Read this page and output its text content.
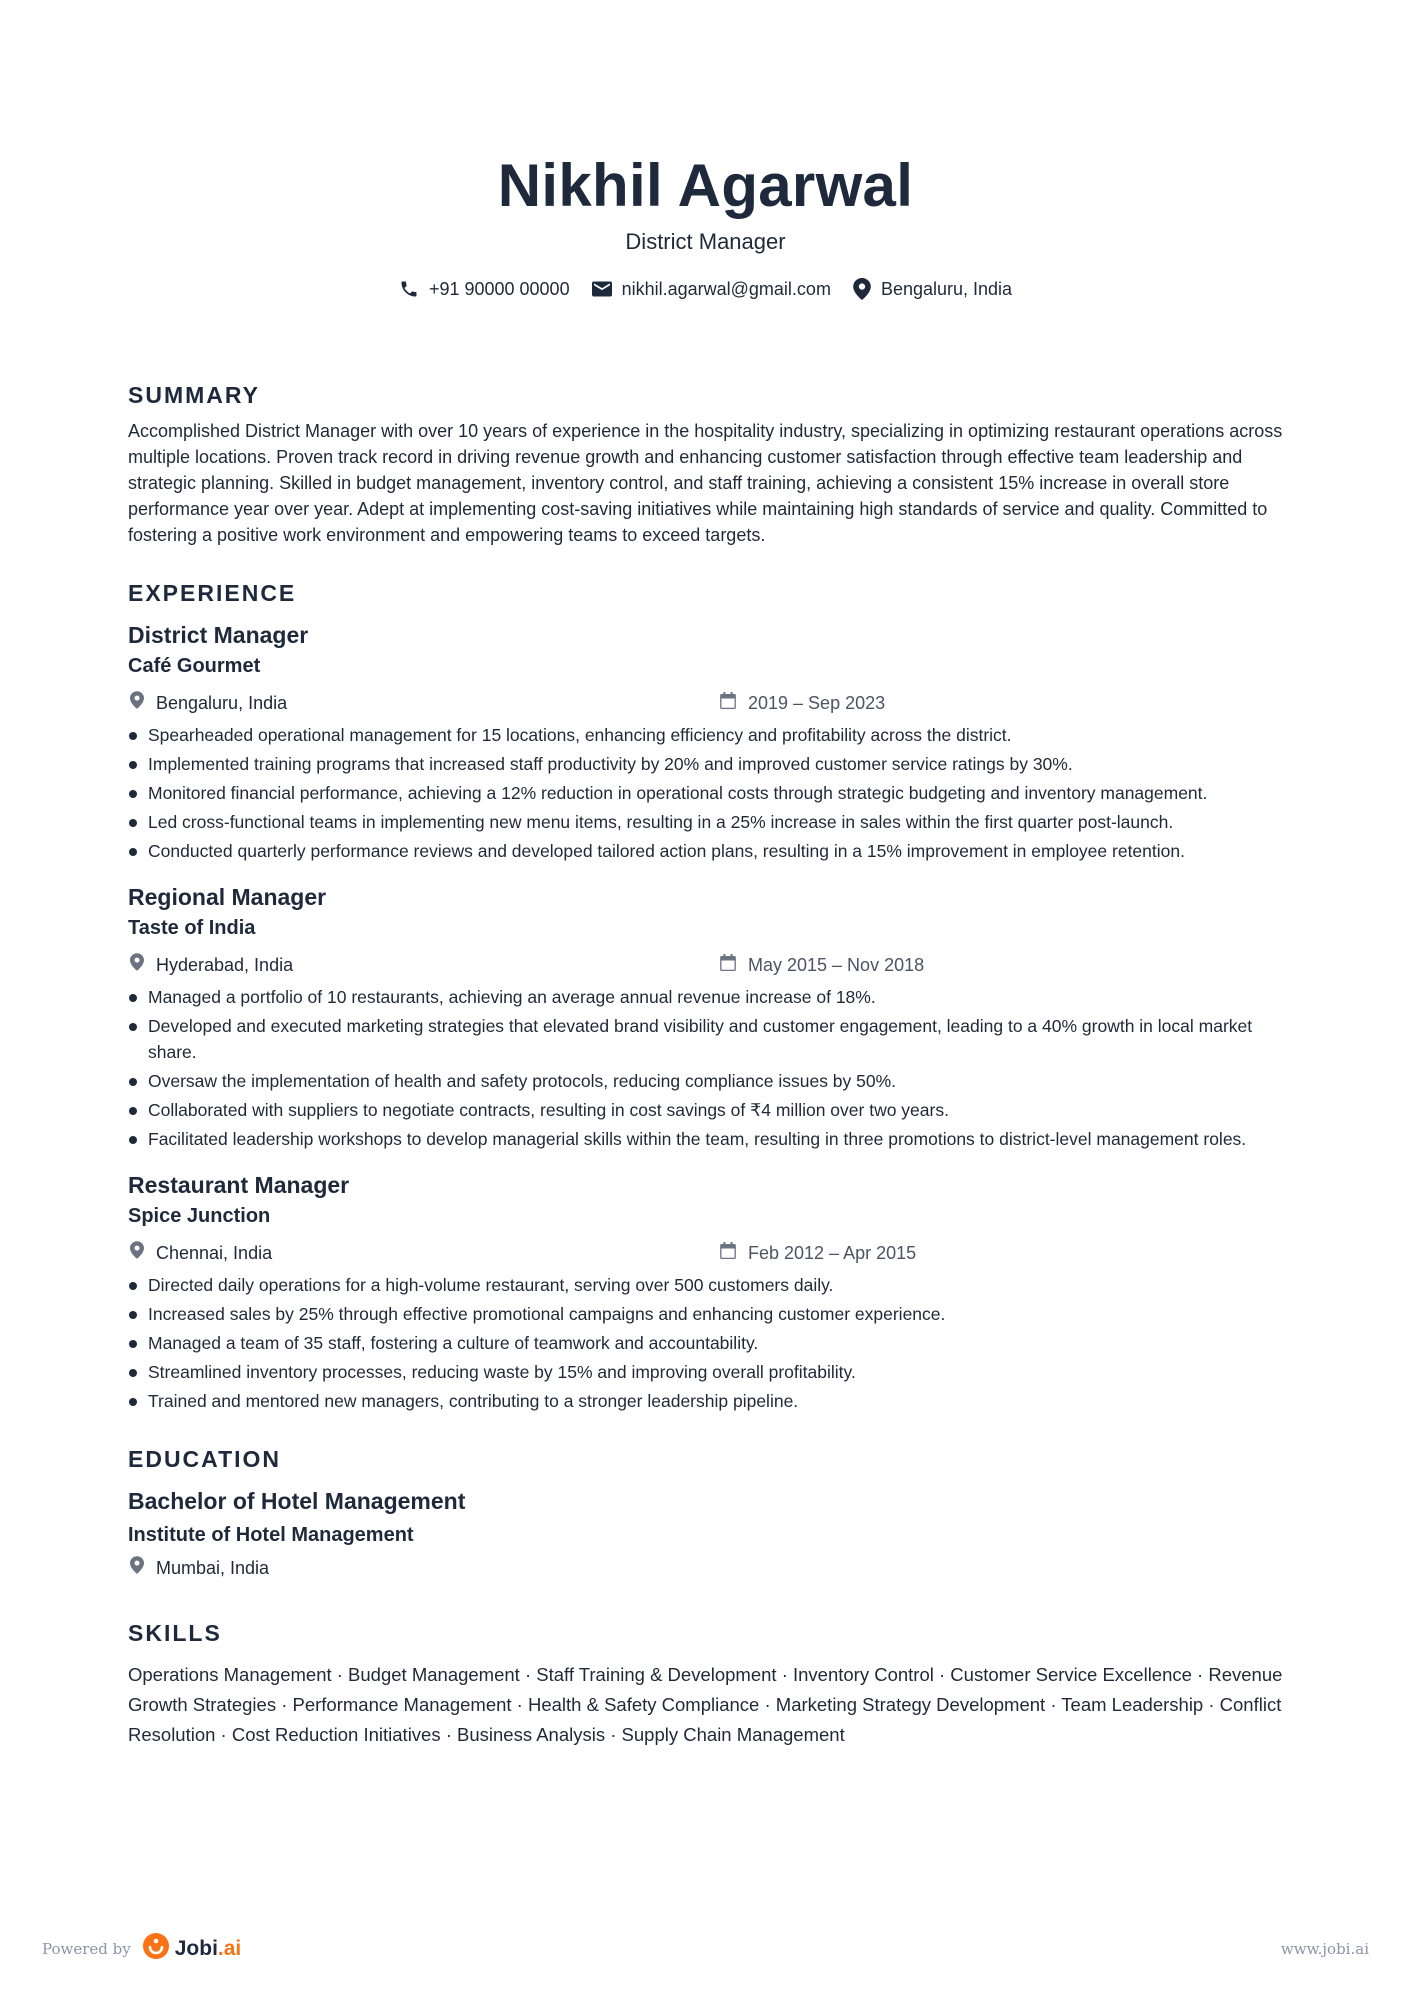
Nikhil Agarwal
District Manager
+91 90000 00000	nikhil.agarwal@gmail.com	Bengaluru, India
SUMMARY

Accomplished District Manager with over 10 years of experience in the hospitality industry, specializing in optimizing restaurant operations across multiple locations. Proven track record in driving revenue growth and enhancing customer satisfaction through effective team leadership and strategic planning. Skilled in budget management, inventory control, and staff training, achieving a consistent 15% increase in overall store performance year over year. Adept at implementing cost-saving initiatives while maintaining high standards of service and quality. Committed to fostering a positive work environment and empowering teams to exceed targets.

EXPERIENCE
District Manager
Café Gourmet
Bengaluru, India	2019 – Sep 2023
Spearheaded operational management for 15 locations, enhancing efficiency and profitability across the district.
Implemented training programs that increased staff productivity by 20% and improved customer service ratings by 30%.
Monitored financial performance, achieving a 12% reduction in operational costs through strategic budgeting and inventory management.
Led cross-functional teams in implementing new menu items, resulting in a 25% increase in sales within the first quarter post-launch.
Conducted quarterly performance reviews and developed tailored action plans, resulting in a 15% improvement in employee retention.
Regional Manager
Taste of India
Hyderabad, India	May 2015 – Nov 2018
Managed a portfolio of 10 restaurants, achieving an average annual revenue increase of 18%.
Developed and executed marketing strategies that elevated brand visibility and customer engagement, leading to a 40% growth in local market share.
Oversaw the implementation of health and safety protocols, reducing compliance issues by 50%.
Collaborated with suppliers to negotiate contracts, resulting in cost savings of ₹4 million over two years.
Facilitated leadership workshops to develop managerial skills within the team, resulting in three promotions to district-level management roles.
Restaurant Manager
Spice Junction
Chennai, India	Feb 2012 – Apr 2015
Directed daily operations for a high-volume restaurant, serving over 500 customers daily.
Increased sales by 25% through effective promotional campaigns and enhancing customer experience.
Managed a team of 35 staff, fostering a culture of teamwork and accountability.
Streamlined inventory processes, reducing waste by 15% and improving overall profitability.
Trained and mentored new managers, contributing to a stronger leadership pipeline.
EDUCATION
Bachelor of Hotel Management
Institute of Hotel Management
Mumbai, India
SKILLS

Operations Management · Budget Management · Staff Training & Development · Inventory Control · Customer Service Excellence · Revenue Growth Strategies · Performance Management · Health & Safety Compliance · Marketing Strategy Development · Team Leadership · Conflict Resolution · Cost Reduction Initiatives · Business Analysis · Supply Chain Management

Powered by Jobi.ai	www.jobi.ai
